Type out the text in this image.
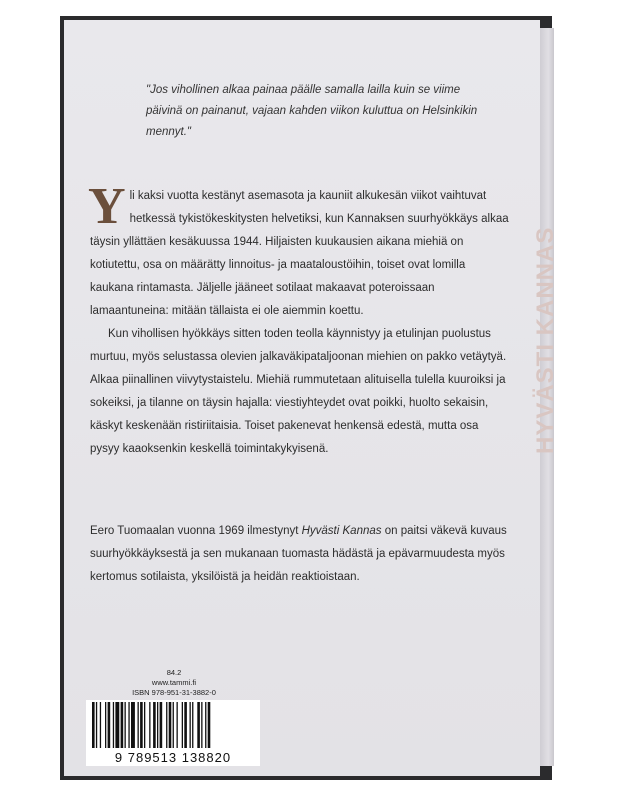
HYVÄSTI KANNAS

"Jos vihollinen alkaa painaa päälle samalla lailla kuin se viime päivinä on painanut, vajaan kahden viikon kuluttua on Helsinkikin mennyt."

Yli kaksi vuotta kestänyt asemasota ja kauniit alkukesän viikot vaihtuvat hetkessä tykistökeskitysten helvetiksi, kun Kannaksen suurhyökkäys alkaa täysin yllättäen kesäkuussa 1944. Hiljaisten kuukausien aikana miehiä on kotiutettu, osa on määrätty linnoitus- ja maataloustöihin, toiset ovat lomilla kaukana rintamasta. Jäljelle jääneet sotilaat makaavat poteroissaan lamaantuneina: mitään tällaista ei ole aiemmin koettu.

Kun vihollisen hyökkäys sitten toden teolla käynnistyy ja etulinjan puolustus murtuu, myös selustassa olevien jalkaväkipataljoonan miehien on pakko vetäytyä. Alkaa piinallinen viivytystaistelu. Miehiä rummutetaan alituisella tulella kuuroiksi ja sokeiksi, ja tilanne on täysin hajalla: viestiyhteydet ovat poikki, huolto sekaisin, käskyt keskenään ristiriitaisia. Toiset pakenevat henkensä edestä, mutta osa pysyy kaaoksenkin keskellä toimintakykyisenä.

Eero Tuomaalan vuonna 1969 ilmestynyt Hyvästi Kannas on paitsi väkevä kuvaus suurhyökkäyksestä ja sen mukanaan tuomasta hädästä ja epävarmuudesta myös kertomus sotilaista, yksilöistä ja heidän reaktioistaan.

84.2
www.tammi.fi
ISBN 978-951-31-3882-0
9 789513 138820
